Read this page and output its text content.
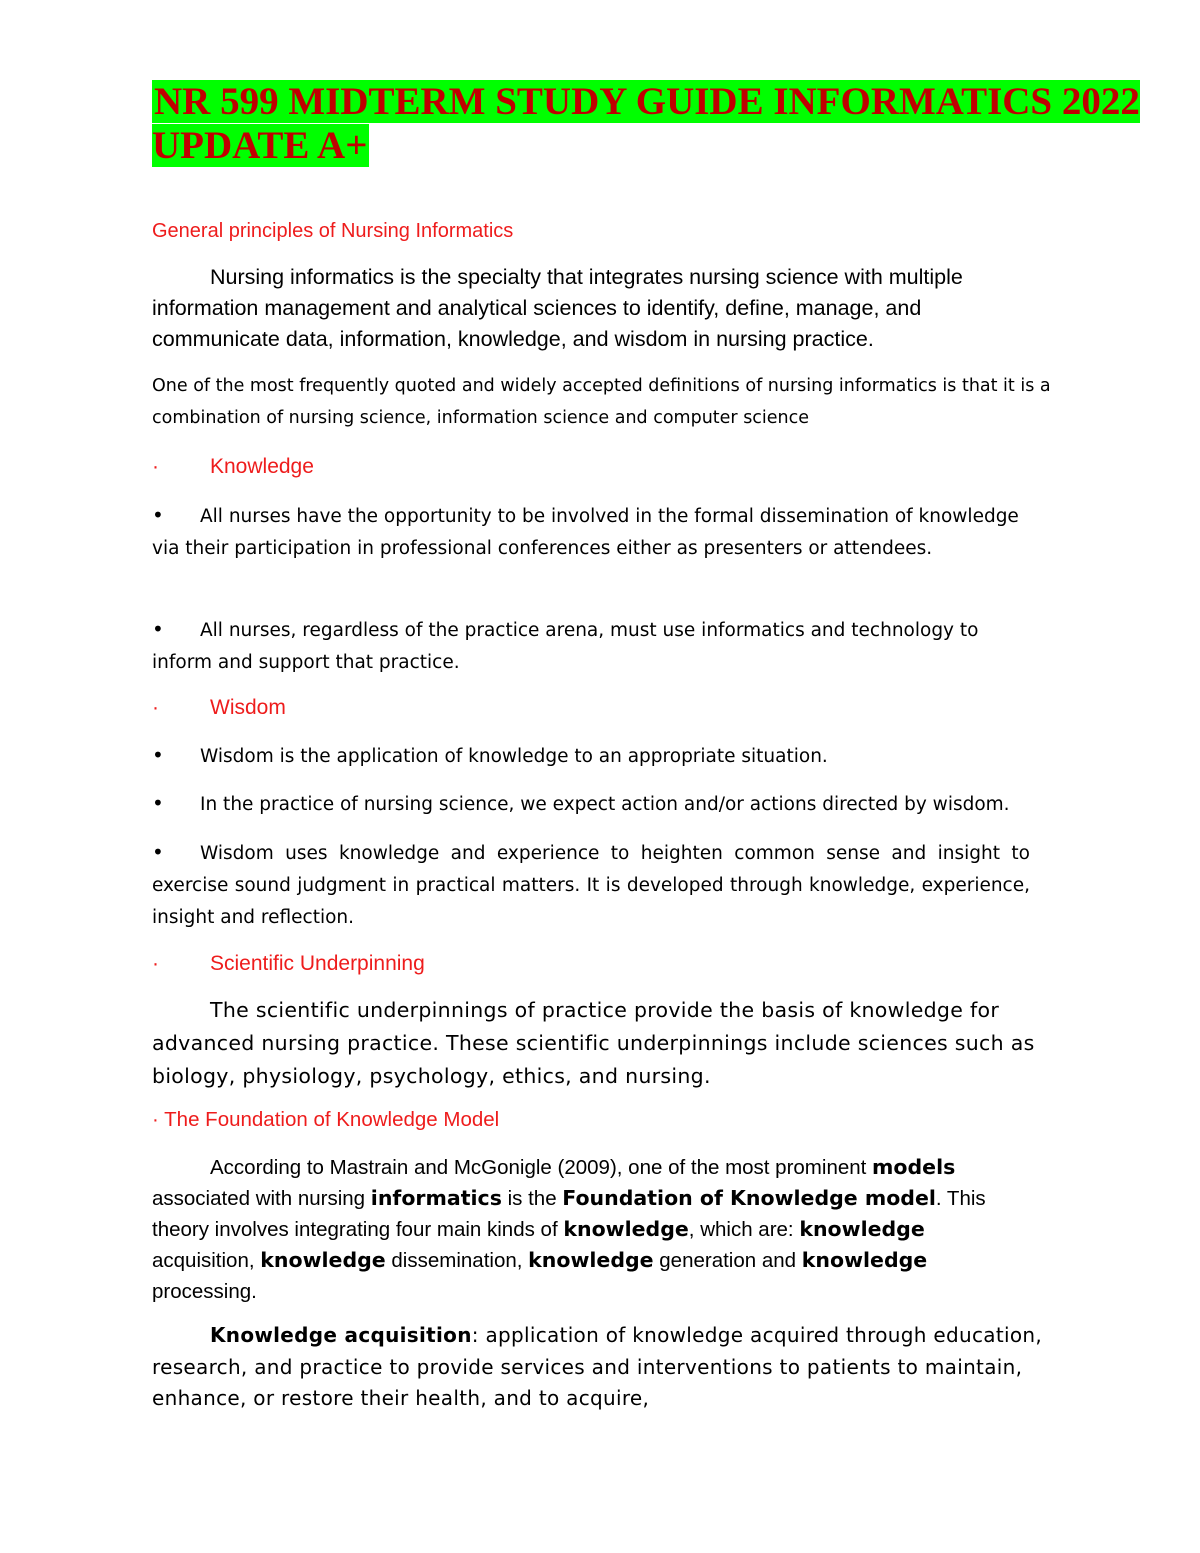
NR 599 MIDTERM STUDY GUIDE INFORMATICS 2022 UPDATE A+
General principles of Nursing Informatics

Nursing informatics is the specialty that integrates nursing science with multiple information management and analytical sciences to identify, define, manage, and communicate data, information, knowledge, and wisdom in nursing practice.

One of the most frequently quoted and widely accepted definitions of nursing informatics is that it is a combination of nursing science, information science and computer science

· Knowledge

• All nurses have the opportunity to be involved in the formal dissemination of knowledge via their participation in professional conferences either as presenters or attendees.

• All nurses, regardless of the practice arena, must use informatics and technology to inform and support that practice.

· Wisdom

• Wisdom is the application of knowledge to an appropriate situation.

• In the practice of nursing science, we expect action and/or actions directed by wisdom.

• Wisdom uses knowledge and experience to heighten common sense and insight to exercise sound judgment in practical matters. It is developed through knowledge, experience, insight and reflection.

· Scientific Underpinning

The scientific underpinnings of practice provide the basis of knowledge for advanced nursing practice. These scientific underpinnings include sciences such as biology, physiology, psychology, ethics, and nursing.

· The Foundation of Knowledge Model

According to Mastrain and McGonigle (2009), one of the most prominent models associated with nursing informatics is the Foundation of Knowledge model. This theory involves integrating four main kinds of knowledge, which are: knowledge acquisition, knowledge dissemination, knowledge generation and knowledge processing.

Knowledge acquisition: application of knowledge acquired through education, research, and practice to provide services and interventions to patients to maintain, enhance, or restore their health, and to acquire,
